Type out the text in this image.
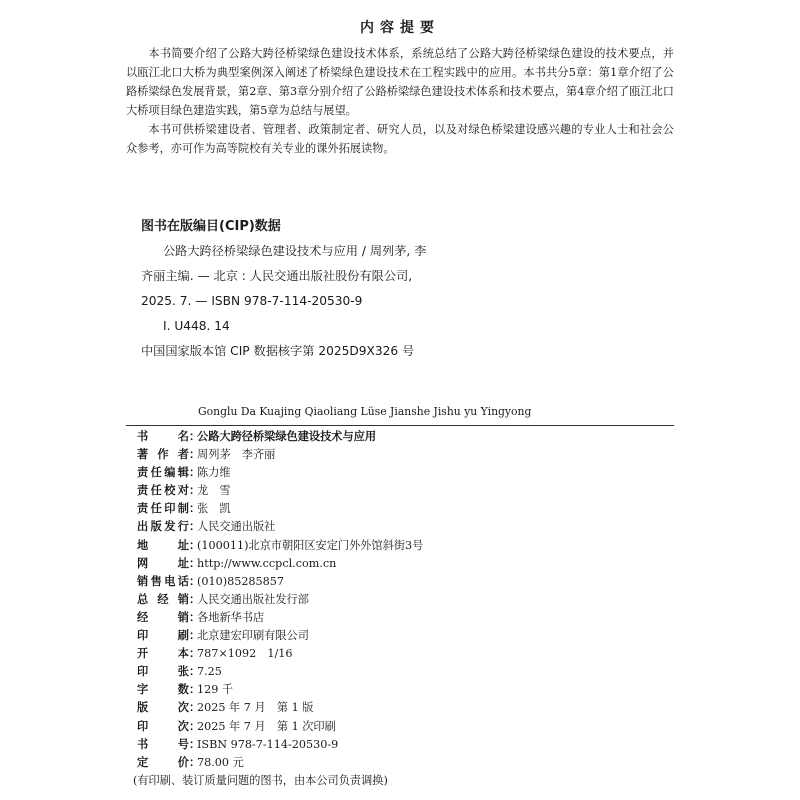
内容提要

本书简要介绍了公路大跨径桥梁绿色建设技术体系，系统总结了公路大跨径桥梁绿色建设的技术要点，并以瓯江北口大桥为典型案例深入阐述了桥梁绿色建设技术在工程实践中的应用。本书共分5章：第1章介绍了公路桥梁绿色发展背景，第2章、第3章分别介绍了公路桥梁绿色建设技术体系和技术要点，第4章介绍了瓯江北口大桥项目绿色建造实践，第5章为总结与展望。

本书可供桥梁建设者、管理者、政策制定者、研究人员，以及对绿色桥梁建设感兴趣的专业人士和社会公众参考，亦可作为高等院校有关专业的课外拓展读物。

图书在版编目(CIP)数据
公路大跨径桥梁绿色建设技术与应用 / 周列茅, 李
齐丽主编. — 北京 : 人民交通出版社股份有限公司,
2025. 7. — ISBN 978-7-114-20530-9
Ⅰ. U448. 14
中国国家版本馆 CIP 数据核字第 2025D9X326 号
Gonglu Da Kuajing Qiaoliang Lüse Jianshe Jishu yu Yingyong
书	名 ：
公路大跨径桥梁绿色建设技术与应用
著 作 者 ：
周列茅　李齐丽
责 任 编 辑 ：
陈力维
责 任 校 对 ：
龙　雪
责 任 印 制 ：
张　凯
出 版 发 行 ：
人民交通出版社
地	址 ：
(100011)北京市朝阳区安定门外外馆斜街3号
网	址 ：
http://www.ccpcl.com.cn
销 售 电 话 ：
(010)85285857
总 经 销 ：
人民交通出版社发行部
经	销 ：
各地新华书店
印	刷 ：
北京建宏印刷有限公司
开	本 ：
787×1092　1/16
印	张 ：
7.25
字	数 ：
129 千
版	次 ：
2025 年 7 月　第 1 版
印	次 ：
2025 年 7 月　第 1 次印刷
书	号 ：
ISBN 978-7-114-20530-9
定	价 ：
78.00 元
(有印刷、装订质量问题的图书，由本公司负责调换)
